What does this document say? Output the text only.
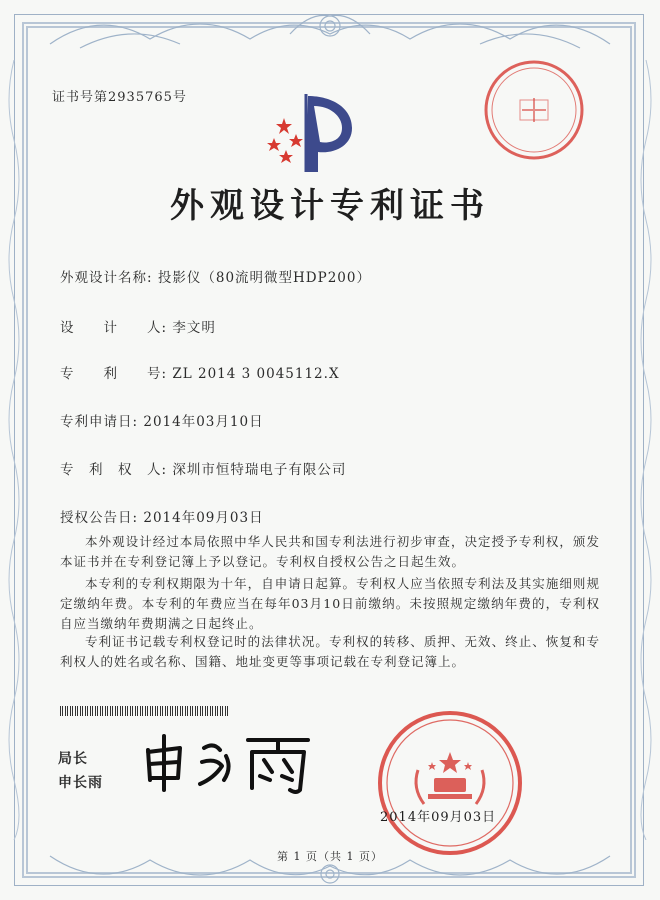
证书号第2935765号
外观设计专利证书
外观设计名称: 投影仪（80流明微型HDP200）
设　　计　　人: 李文明
专　　利　　号: ZL 2014 3 0045112.X
专利申请日: 2014年03月10日
专　利　权　人: 深圳市恒特瑞电子有限公司
授权公告日: 2014年09月03日
本外观设计经过本局依照中华人民共和国专利法进行初步审查，决定授予专利权，颁发本证书并在专利登记簿上予以登记。专利权自授权公告之日起生效。
本专利的专利权期限为十年，自申请日起算。专利权人应当依照专利法及其实施细则规定缴纳年费。本专利的年费应当在每年03月10日前缴纳。未按照规定缴纳年费的，专利权自应当缴纳年费期满之日起终止。
专利证书记载专利权登记时的法律状况。专利权的转移、质押、无效、终止、恢复和专利权人的姓名或名称、国籍、地址变更等事项记载在专利登记簿上。
局长
申长雨
2014年09月03日
第 1 页（共 1 页）
